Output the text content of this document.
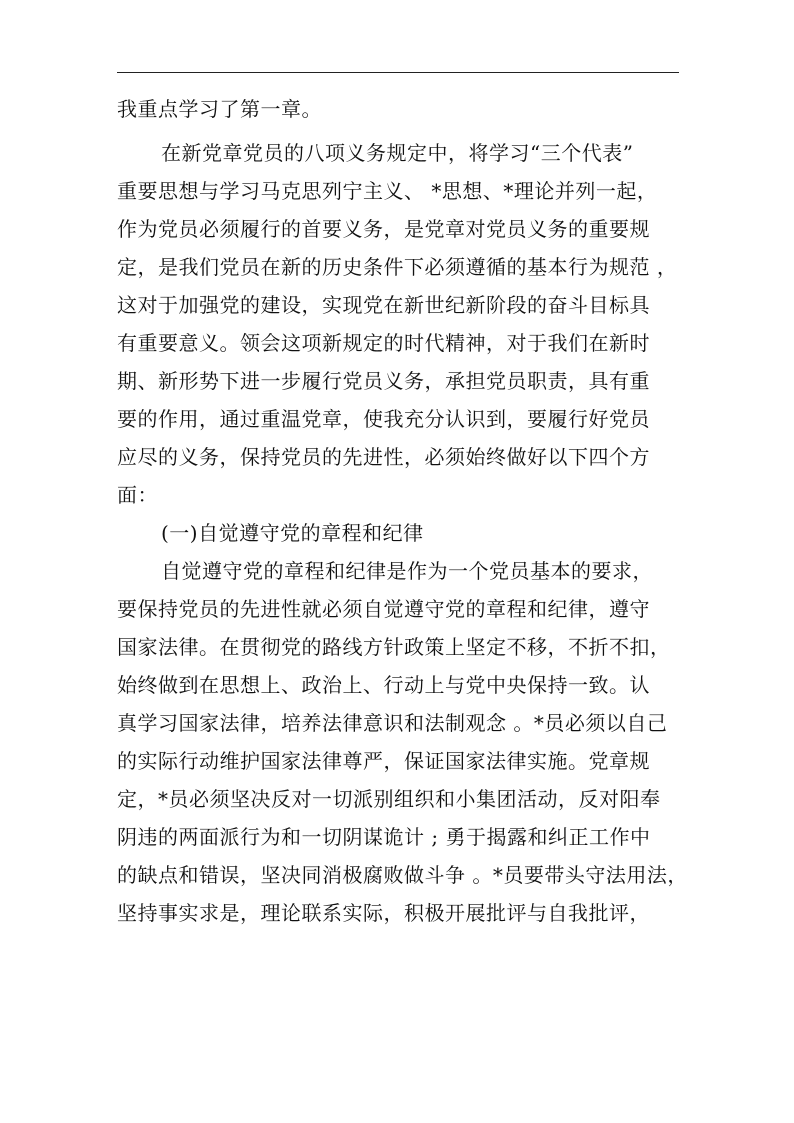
我重点学习了第一章。
在新党章党员的八项义务规定中，将学习“三个代表”
重要思想与学习马克思列宁主义、 *思想、*理论并列一起，
作为党员必须履行的首要义务，是党章对党员义务的重要规
定，是我们党员在新的历史条件下必须遵循的基本行为规范 ，
这对于加强党的建设，实现党在新世纪新阶段的奋斗目标具
有重要意义。领会这项新规定的时代精神，对于我们在新时
期、新形势下进一步履行党员义务，承担党员职责，具有重
要的作用，通过重温党章，使我充分认识到，要履行好党员
应尽的义务，保持党员的先进性，必须始终做好以下四个方
面：
(一)自觉遵守党的章程和纪律
自觉遵守党的章程和纪律是作为一个党员基本的要求，
要保持党员的先进性就必须自觉遵守党的章程和纪律，遵守
国家法律。在贯彻党的路线方针政策上坚定不移，不折不扣，
始终做到在思想上、政治上、行动上与党中央保持一致。认
真学习国家法律，培养法律意识和法制观念 。*员必须以自己
的实际行动维护国家法律尊严，保证国家法律实施。党章规
定，*员必须坚决反对一切派别组织和小集团活动，反对阳奉
阴违的两面派行为和一切阴谋诡计 ; 勇于揭露和纠正工作中
的缺点和错误，坚决同消极腐败做斗争 。*员要带头守法用法，
坚持事实求是，理论联系实际，积极开展批评与自我批评，
